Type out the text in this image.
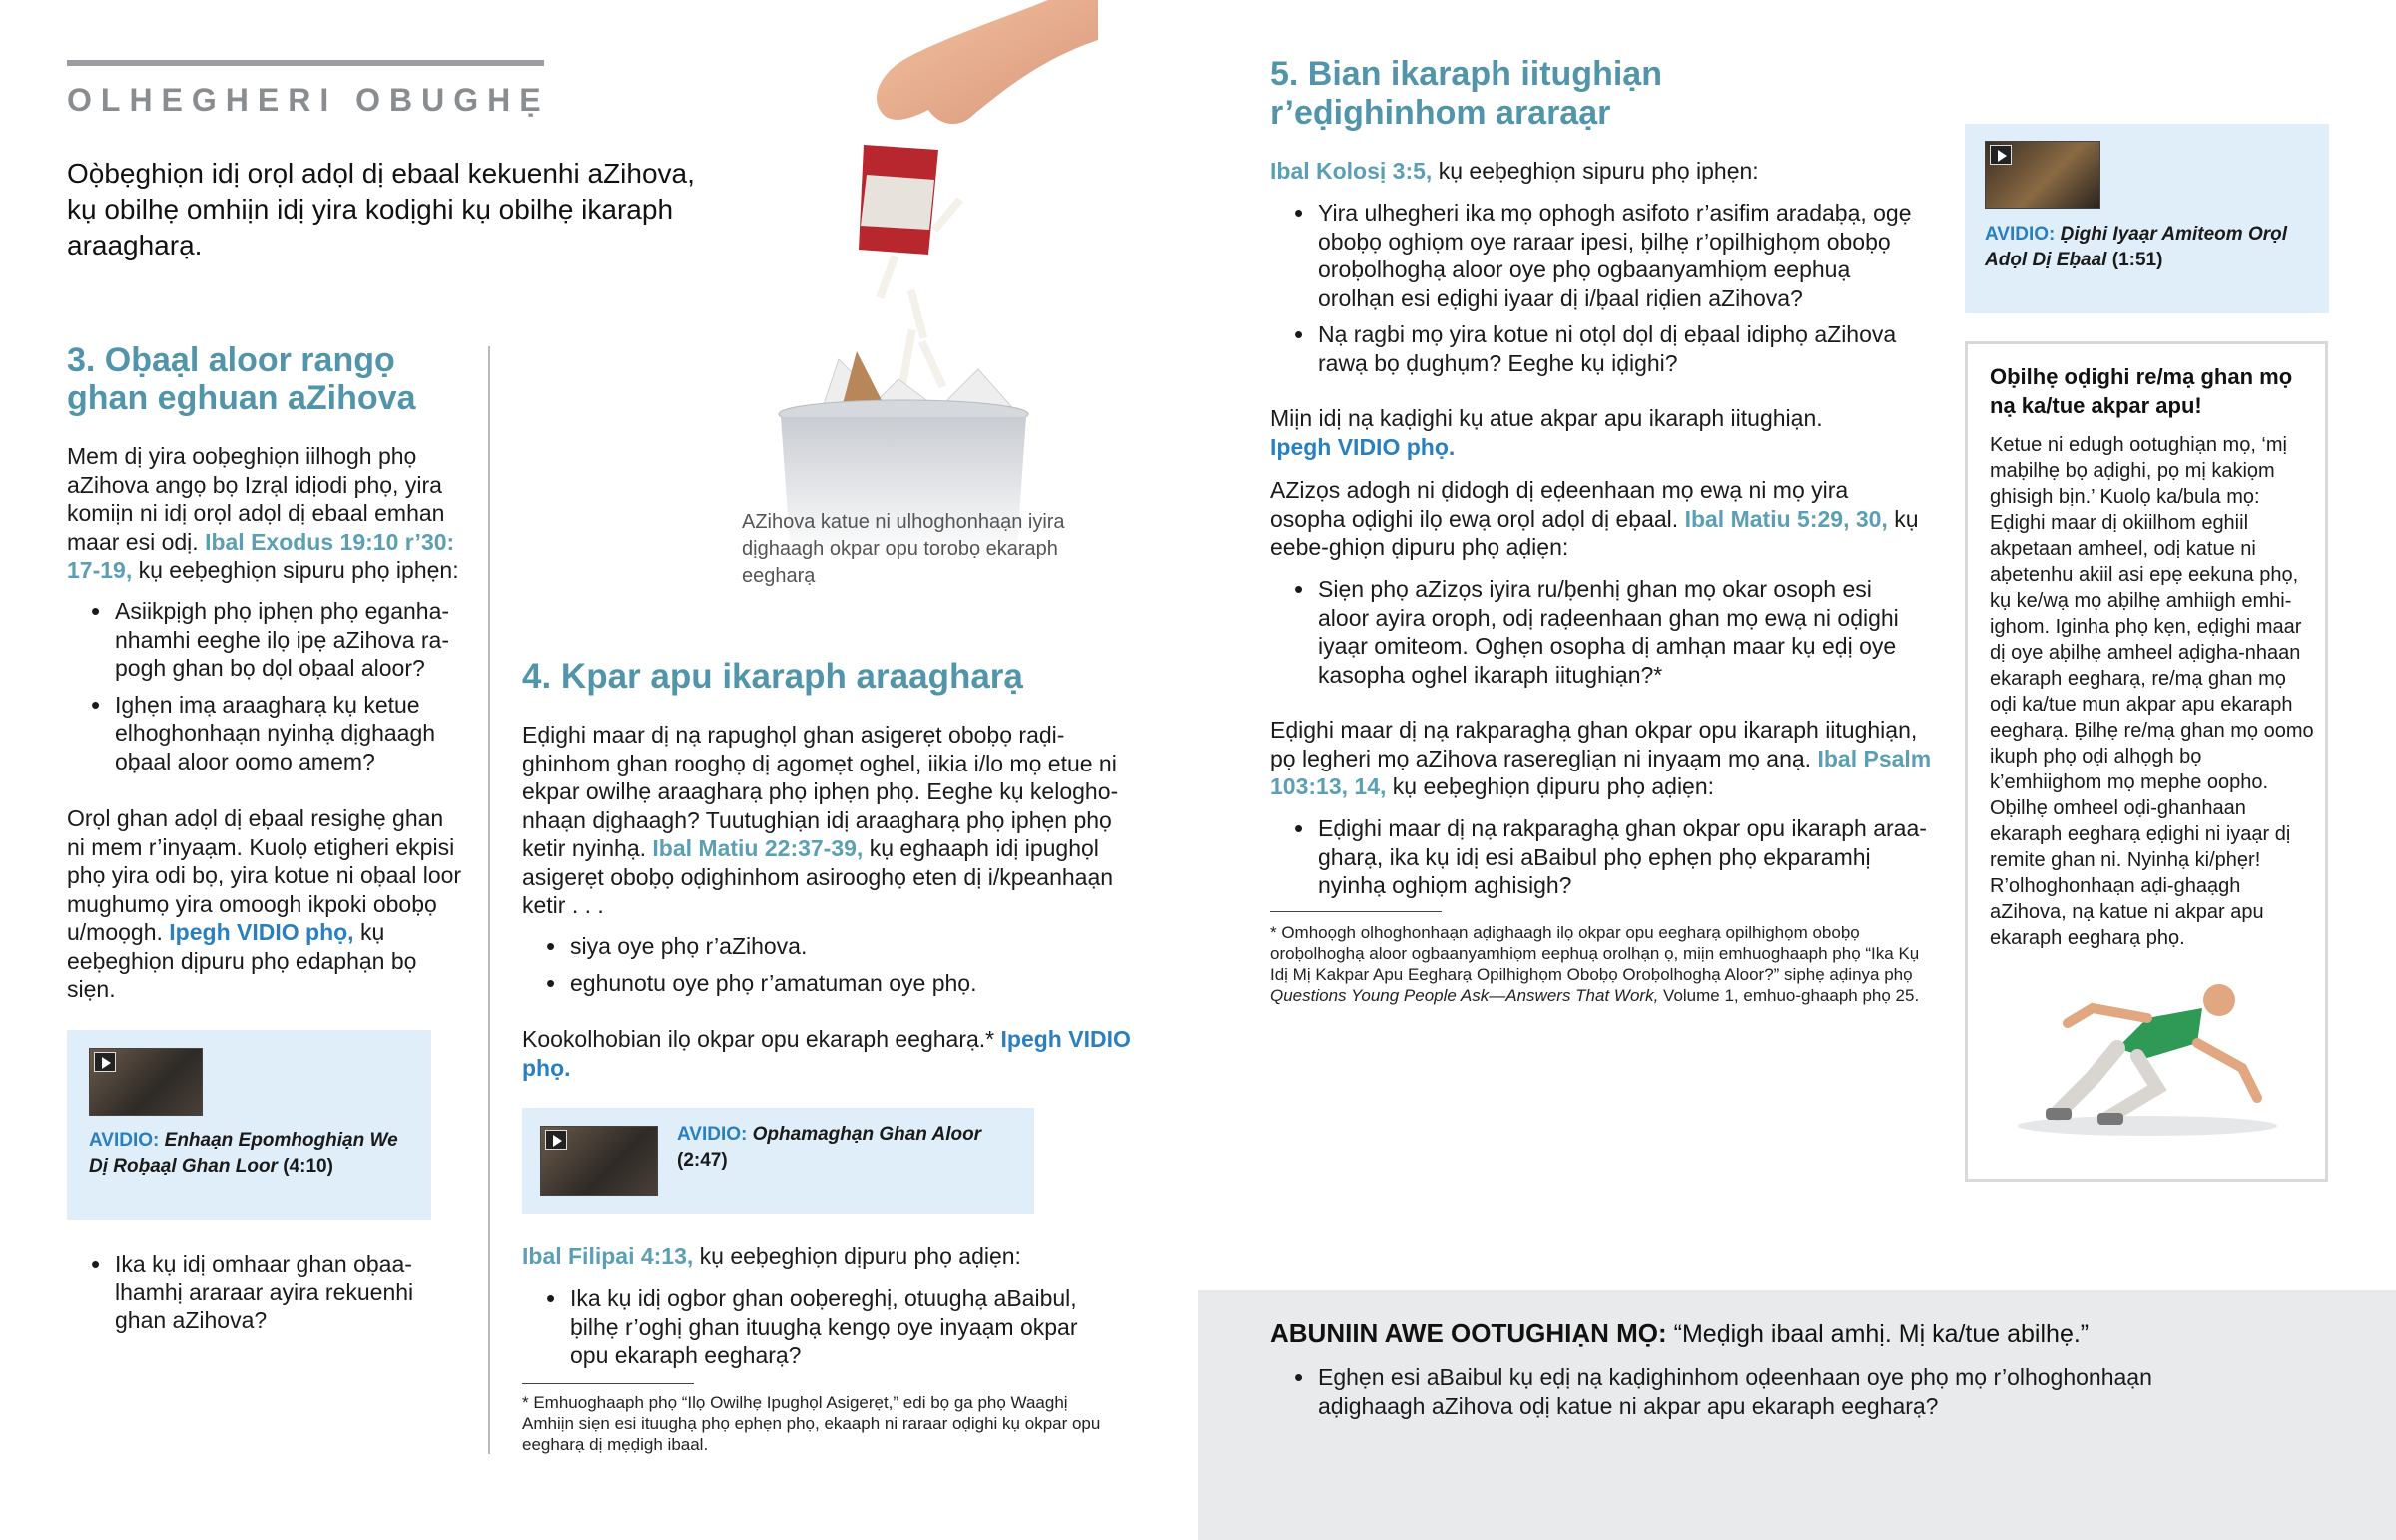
OLHEGHERI OBUGHẸ
Oọ̀bẹghiọn idị orọl adọl dị ebaal kekuenhi aZihova, kụ obilhẹ omhiịn idị yira kodịghi kụ obilhẹ ikaraph araagharạ.
AZihova katue ni ulhoghonhaạn iyira dịghaagh okpar opu torobọ ekaraph eegharạ
3. Oḅaạl aloor rangọ
ghan eghuan aZihova
Mem dị yira ooḅeghiọn iilhogh phọ aZihova angọ bọ Izrạl idịodi phọ, yira komiịn ni idị orọl adọl dị ebaal emhan maar esi odị. Ibal Exodus 19:10 r’30: 17-19, kụ eeḅeghiọn sipuru phọ iphẹn:
• Asiikpịgh phọ iphẹn phọ eganha-nhamhi eeghe ilọ ipẹ aZihova ra-pogh ghan bọ dọl oḅaal aloor?
• Ighẹn imạ araagharạ kụ ketue elhoghonhaạn nyinhạ dịghaagh oḅaal aloor oomo amem?
Orọl ghan adọl dị eḅaal resighẹ ghan ni mem r’inyaạm. Kuolọ etigheri ekpisi phọ yira odi bọ, yira kotue ni oḅaal loor mughumọ yira omoogh ikpoki oboḅọ u/moọgh. Ipegh VIDIO phọ, kụ eeḅeghiọn dịpuru phọ edaphạn bọ siẹn.
AVIDIO: Enhaạn Epomhoghiạn We Dị Roḅaạl Ghan Loor (4:10)
• Ika kụ idị omhaar ghan oḅaa-lhamhị araraar ayira rekuenhi ghan aZihova?
4. Kpar apu ikaraph araagharạ
Eḍighi maar dị nạ rapughọl ghan asigerẹt oboḅọ raḍi-ghinhom ghan rooghọ dị agomẹt oghel, iikia i/lo mọ etue ni ekpar owilhẹ araagharạ phọ iphẹn phọ. Eeghe kụ kelogho-nhaạn dịghaagh? Tuutughiạn idị araagharạ phọ iphẹn phọ ketir nyinhạ. Ibal Matiu 22:37-39, kụ eghaaph idị ipughọl asigerẹt oboḅọ oḍighinhom asirooghọ eten dị i/kpeanhaạn ketir . . .
• siya oye phọ r’aZihova.
• eghunotu oye phọ r’amatuman oye phọ.
Kookolhobian ilọ okpar opu ekaraph eegharạ.* Ipegh VIDIO phọ.
AVIDIO: Ophamaghạn Ghan Aloor
(2:47)
Ibal Filipai 4:13, kụ eeḅeghiọn dịpuru phọ aḍiẹn:
• Ika kụ idị ogbor ghan ooḅereghị, otuughạ aBaibul, ḅilhẹ r’oghị ghan ituughạ kengọ oye inyaạm okpar opu ekaraph eegharạ?
* Emhuoghaaph phọ “Ilọ Owilhẹ Ipughọl Asigerẹt,” edi bọ ga phọ Waaghị Amhiịn siẹn esi ituughạ phọ ephẹn phọ, ekaaph ni raraar oḍighi kụ okpar opu eegharạ dị mẹḍigh ibaal.
5. Bian ikaraph iitughiạn
r’eḍighinhom araraạr
Ibal Kolosị 3:5, kụ eeḅeghiọn sipuru phọ iphẹn:
• Yira ulhegheri ika mọ ophogh asifoto r’asifim aradaḅạ, ogẹ oboḅọ oghiọm oye raraar ipesi, ḅilhẹ r’opilhighọm oboḅọ oroḅolhoghạ aloor oye phọ ogbaanyamhiọm eephuạ orolhạn esi eḍighi iyaar dị i/ḅaal riḍien aZihova?
• Nạ ragbi mọ yira kotue ni otọl dọl dị eḅaal idiphọ aZihova rawạ bọ ḍughụm? Eeghe kụ iḍighi?
Miịn idị nạ kaḍighi kụ atue akpar apu ikaraph iitughiạn.
Ipegh VIDIO phọ.
AZizọs adogh ni ḍidogh dị eḍeenhaan mọ ewạ ni mọ yira osopha oḍighi ilọ ewạ orọl adọl dị eḅaal. Ibal Matiu 5:29, 30, kụ eebe-ghiọn ḍipuru phọ aḍiẹn:
• Siẹn phọ aZizọs iyira ru/ḅenhị ghan mọ okar osoph esi aloor ayira oroph, odị raḍeenhaan ghan mọ ewạ ni oḍighi iyaạr omiteom. Oghẹn osopha dị amhạn maar kụ eḍị oye kasopha oghel ikaraph iitughiạn?*
Eḍighi maar dị nạ rakparaghạ ghan okpar opu ikaraph iitughiạn, pọ legheri mọ aZihova raseregliạn ni inyaạm mọ anạ. Ibal Psalm 103:13, 14, kụ eeḅeghiọn ḍipuru phọ aḍiẹn:
• Eḍighi maar dị nạ rakparaghạ ghan okpar opu ikaraph araa-gharạ, ika kụ idị esi aBaibul phọ ephẹn phọ ekparamhị nyinhạ oghiọm aghisigh?
* Omhoọgh olhoghonhaạn aḍighaagh ilọ okpar opu eegharạ opilhighọm oboḅọ oroḅolhoghạ aloor ogbaanyamhiọm eephuạ orolhạn ọ, miịn emhuoghaaph phọ “Ika Kụ Idị Mị Kakpar Apu Eegharạ Opilhighọm Oboḅọ Oroḅolhoghạ Aloor?” siphẹ aḍinya phọ Questions Young People Ask—Answers That Work, Volume 1, emhuo-ghaaph phọ 25.
AVIDIO: Ḍighi Iyaạr Amiteom Orọl Adọl Dị Eḅaal (1:51)
Oḅilhẹ oḍighi re/mạ ghan mọ nạ ka/tue akpar apu!
Ketue ni edugh ootughiạn mọ, ‘mị maḅilhẹ bọ aḍighi, pọ mị kakiọm ghisigh bịn.’ Kuolọ ka/bula mọ: Eḍighi maar dị okiilhom eghiil akpetaan amheel, odị katue ni aḅetenhu akiil asi epẹ eekuna phọ, kụ ke/wạ mọ aḅilhẹ amhiigh emhi-ighom. Iginha phọ kẹn, eḍighi maar dị oye aḅilhẹ amheel aḍigha-nhaan ekaraph eegharạ, re/mạ ghan mọ oḍi ka/tue mun akpar apu ekaraph eegharạ. Ḅilhẹ re/mạ ghan mọ oomo ikuph phọ oḍi alhọgh bọ k’emhiighom mọ mephe oopho. Oḅilhẹ omheel oḍi-ghanhaan ekaraph eegharạ eḍighi ni iyaạr dị remite ghan ni. Nyinhạ ki/phẹr! R’olhoghonhaạn aḍi-ghaạgh aZihova, nạ katue ni akpar apu ekaraph eegharạ phọ.
ABUNIIN AWE OOTUGHIẠN MỌ: “Meḍigh ibaal amhị. Mị ka/tue abilhẹ.”
• Eghẹn esi aBaibul kụ eḍị nạ kaḍighinhom oḍeenhaan oye phọ mọ r’olhoghonhaạn aḍighaagh aZihova oḍị katue ni akpar apu ekaraph eegharạ?
